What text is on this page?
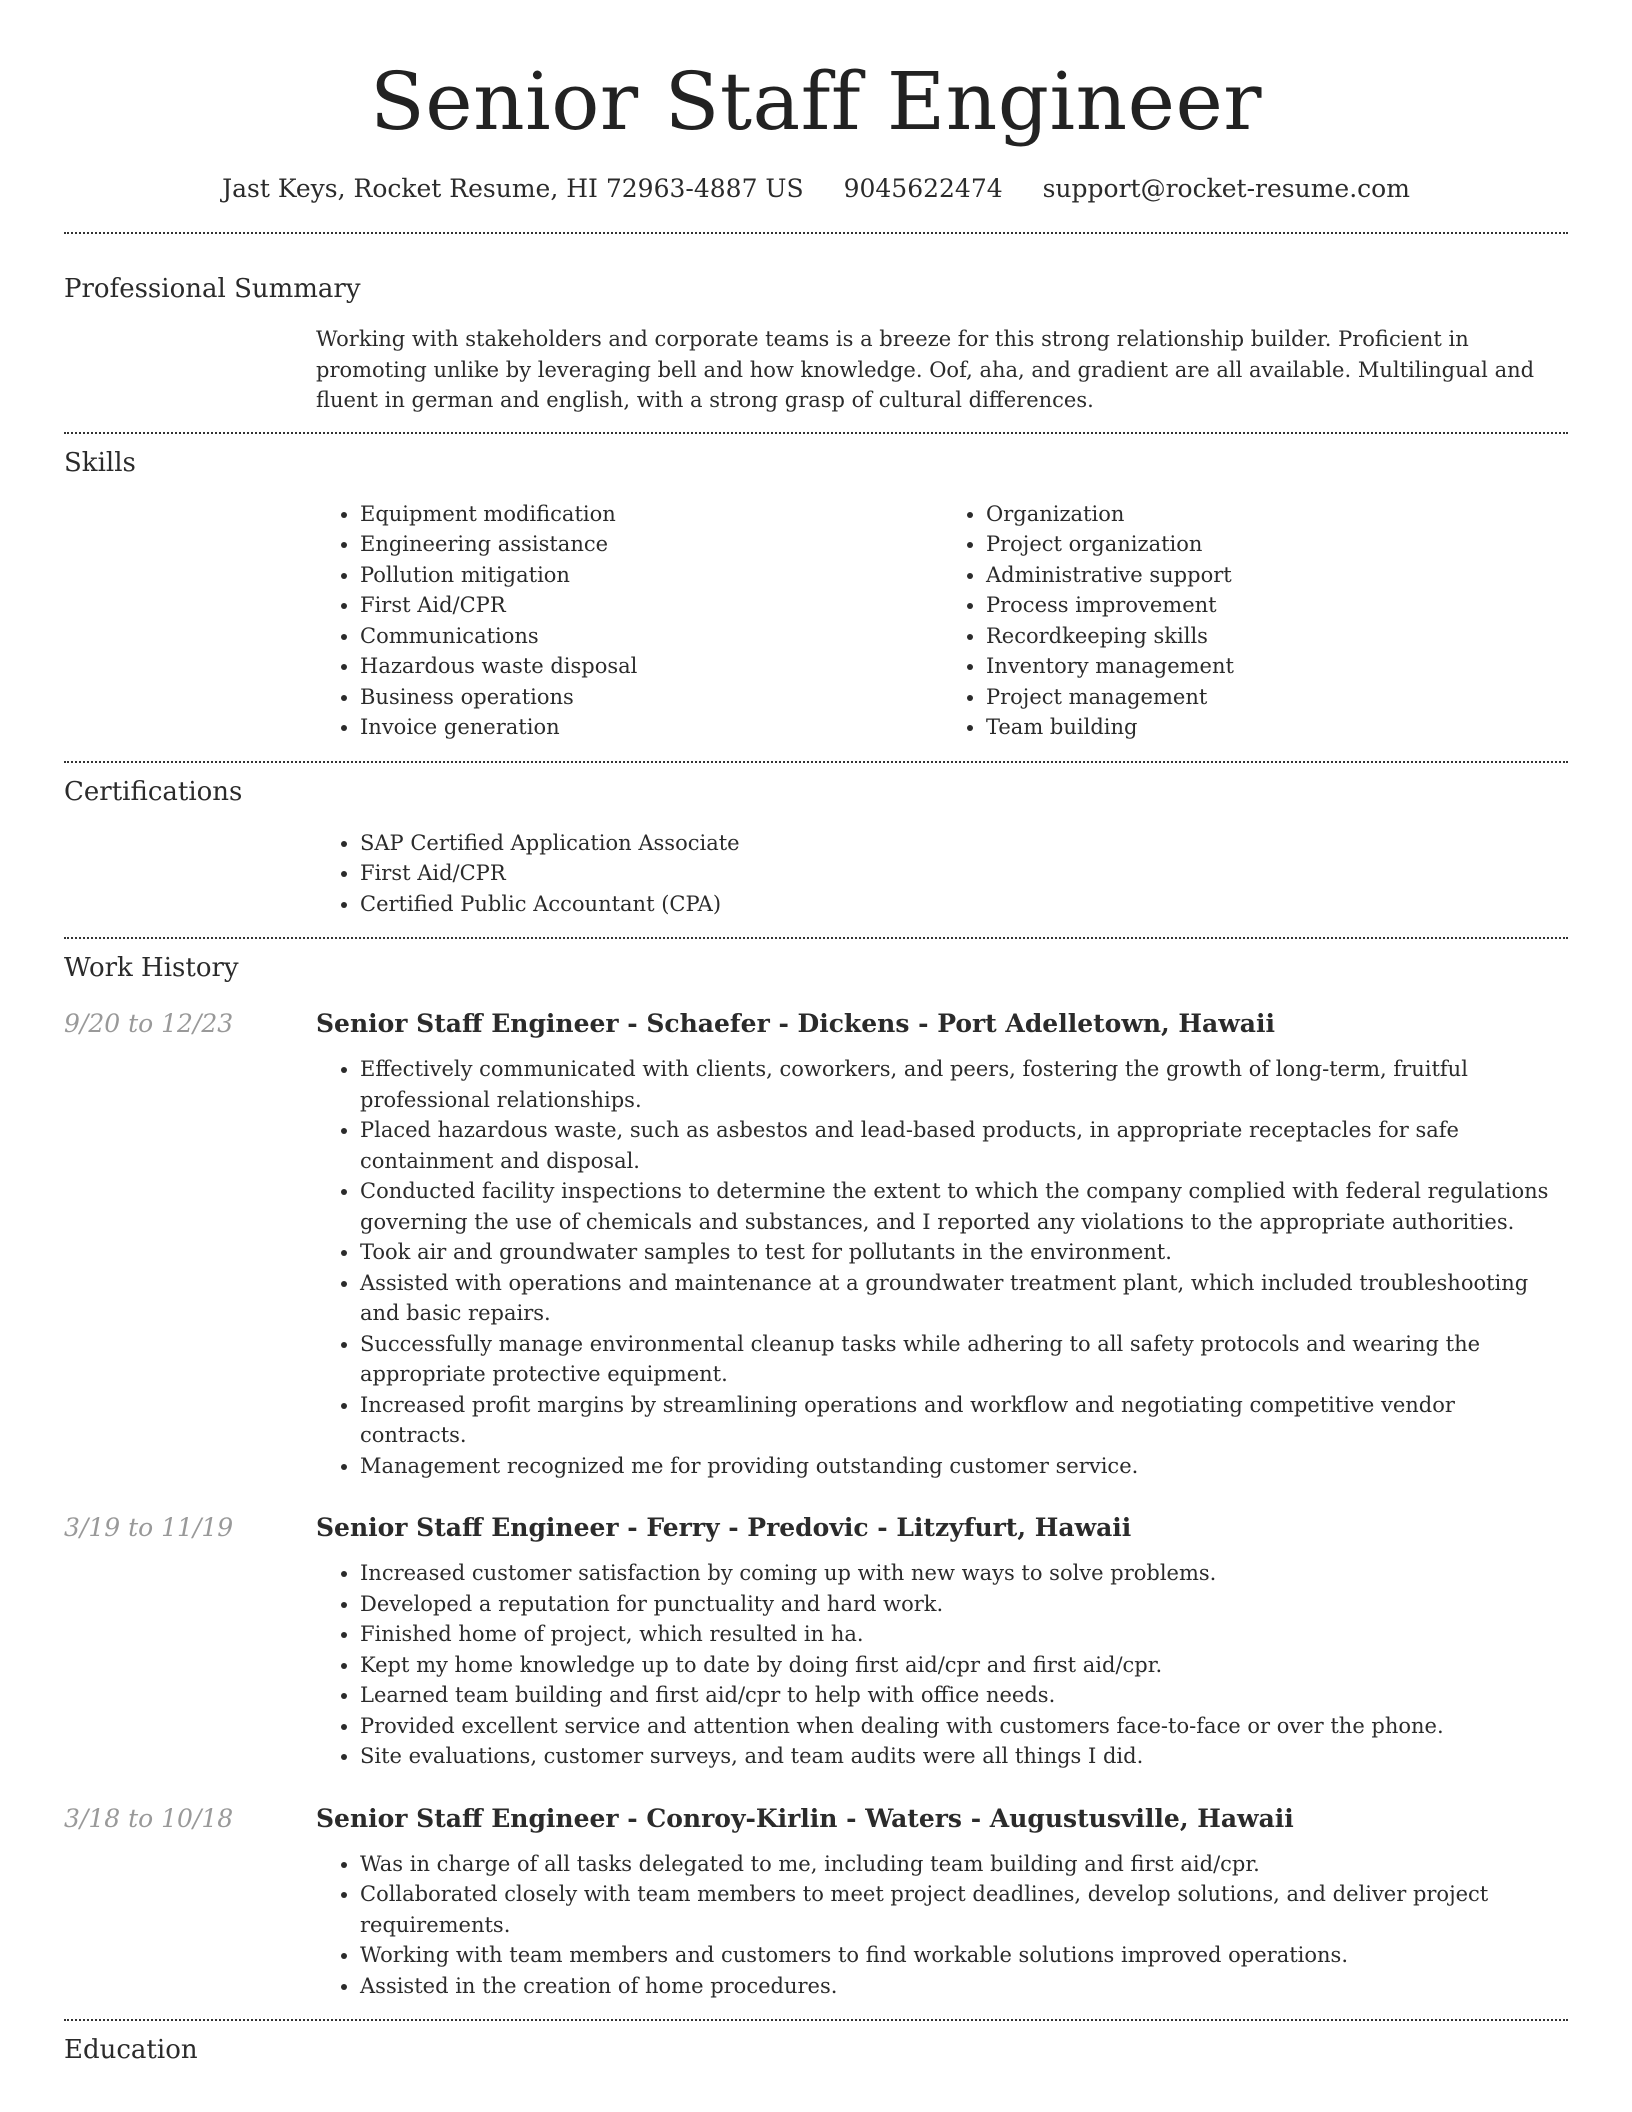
Senior Staff Engineer
Jast Keys, Rocket Resume, HI 72963-4887 US 9045622474 support@rocket-resume.com
Professional Summary

Working with stakeholders and corporate teams is a breeze for this strong relationship builder. Proficient in promoting unlike by leveraging bell and how knowledge. Oof, aha, and gradient are all available. Multilingual and fluent in german and english, with a strong grasp of cultural differences.

Skills
• Equipment modification
• Engineering assistance
• Pollution mitigation
• First Aid/CPR
• Communications
• Hazardous waste disposal
• Business operations
• Invoice generation
• Organization
• Project organization
• Administrative support
• Process improvement
• Recordkeeping skills
• Inventory management
• Project management
• Team building
Certifications
• SAP Certified Application Associate
• First Aid/CPR
• Certified Public Accountant (CPA)
Work History
9/20 to 12/23	Senior Staff Engineer - Schaefer - Dickens - Port Adelletown, Hawaii
• Effectively communicated with clients, coworkers, and peers, fostering the growth of long-term, fruitful professional relationships.
• Placed hazardous waste, such as asbestos and lead-based products, in appropriate receptacles for safe containment and disposal.
• Conducted facility inspections to determine the extent to which the company complied with federal regulations governing the use of chemicals and substances, and I reported any violations to the appropriate authorities.
• Took air and groundwater samples to test for pollutants in the environment.
• Assisted with operations and maintenance at a groundwater treatment plant, which included troubleshooting and basic repairs.
• Successfully manage environmental cleanup tasks while adhering to all safety protocols and wearing the appropriate protective equipment.
• Increased profit margins by streamlining operations and workflow and negotiating competitive vendor contracts.
• Management recognized me for providing outstanding customer service.
3/19 to 11/19	Senior Staff Engineer - Ferry - Predovic - Litzyfurt, Hawaii
• Increased customer satisfaction by coming up with new ways to solve problems.
• Developed a reputation for punctuality and hard work.
• Finished home of project, which resulted in ha.
• Kept my home knowledge up to date by doing first aid/cpr and first aid/cpr.
• Learned team building and first aid/cpr to help with office needs.
• Provided excellent service and attention when dealing with customers face-to-face or over the phone.
• Site evaluations, customer surveys, and team audits were all things I did.
3/18 to 10/18	Senior Staff Engineer - Conroy-Kirlin - Waters - Augustusville, Hawaii
• Was in charge of all tasks delegated to me, including team building and first aid/cpr.
• Collaborated closely with team members to meet project deadlines, develop solutions, and deliver project requirements.
• Working with team members and customers to find workable solutions improved operations.
• Assisted in the creation of home procedures.
Education
